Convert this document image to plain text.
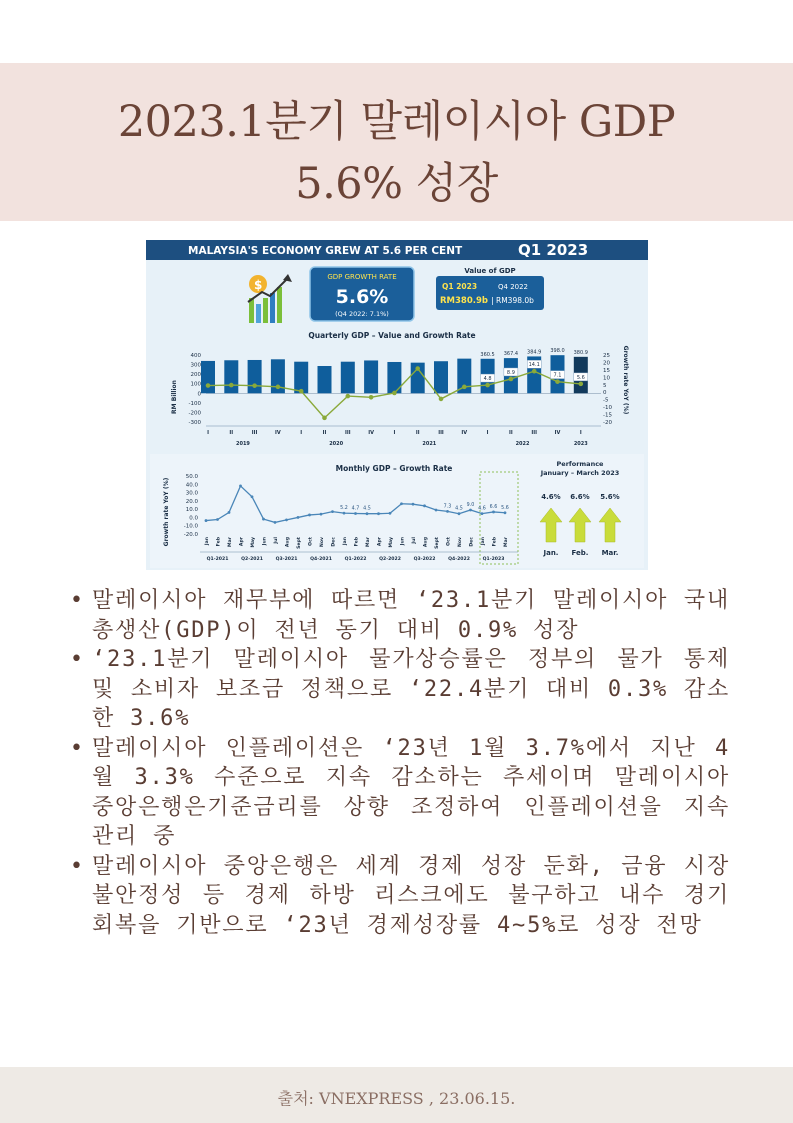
2023.1분기 말레이시아 GDP
5.6% 성장
MALAYSIA'S ECONOMY GREW AT 5.6 PER CENT	Q1 2023
$
GDP GROWTH RATE
5.6%
(Q4 2022: 7.1%)
Value of GDP
Q1 2023	Q4 2022
RM380.9b | RM398.0b
Quarterly GDP – Value and Growth Rate
RM Billion	Growth rate YoY (%)
400
300
200
100
0
-100
-200
-300
25
20
15
10
5
0
-5
-10
-15
-20
360.5 367.4 384.9 398.0 380.9
4.8
8.9
14.1
7.1	5.6
I	II	III	IV	I	II	III	IV	I	II	III	IV	I	II	III	IV	I
2019	2020	2021	2022	2023
Monthly GDP – Growth Rate
Growth rate YoY (%)
50.0
40.0
30.0
20.0
10.0
0.0
-10.0
-20.0
5.2 4.7 4.5	7.3 4.5
9.0
4.6 6.6 5.6
Jan Feb Mar Apr May Jun Jul Aug Sept Oct Nov Dec Jan Feb Mar Apr May Jun Jul Aug Sept Oct Nov Dec Jan Feb Mar
Q1-2021	Q2-2021	Q3-2021	Q4-2021	Q1-2022	Q2-2022	Q3-2022	Q4-2022	Q1-2023
Performance
January – March 2023
4.6%
Jan.
6.6%
Feb.
5.6%
Mar.
• 말레이시아 재무부에 따르면 ‘23.1분기 말레이시아 국내총생산(GDP)이 전년 동기 대비 0.9% 성장
• ‘23.1분기 말레이시아 물가상승률은 정부의 물가 통제 및 소비자 보조금 정책으로 ‘22.4분기 대비 0.3% 감소한 3.6%
• 말레이시아 인플레이션은 ‘23년 1월 3.7%에서 지난 4월 3.3% 수준으로 지속 감소하는 추세이며 말레이시아 중앙은행은기준금리를 상향 조정하여 인플레이션을 지속 관리 중
• 말레이시아 중앙은행은 세계 경제 성장 둔화, 금융 시장 불안정성 등 경제 하방 리스크에도 불구하고 내수 경기 회복을 기반으로 ‘23년 경제성장률 4~5%로 성장 전망
출처: VNEXPRESS , 23.06.15.
